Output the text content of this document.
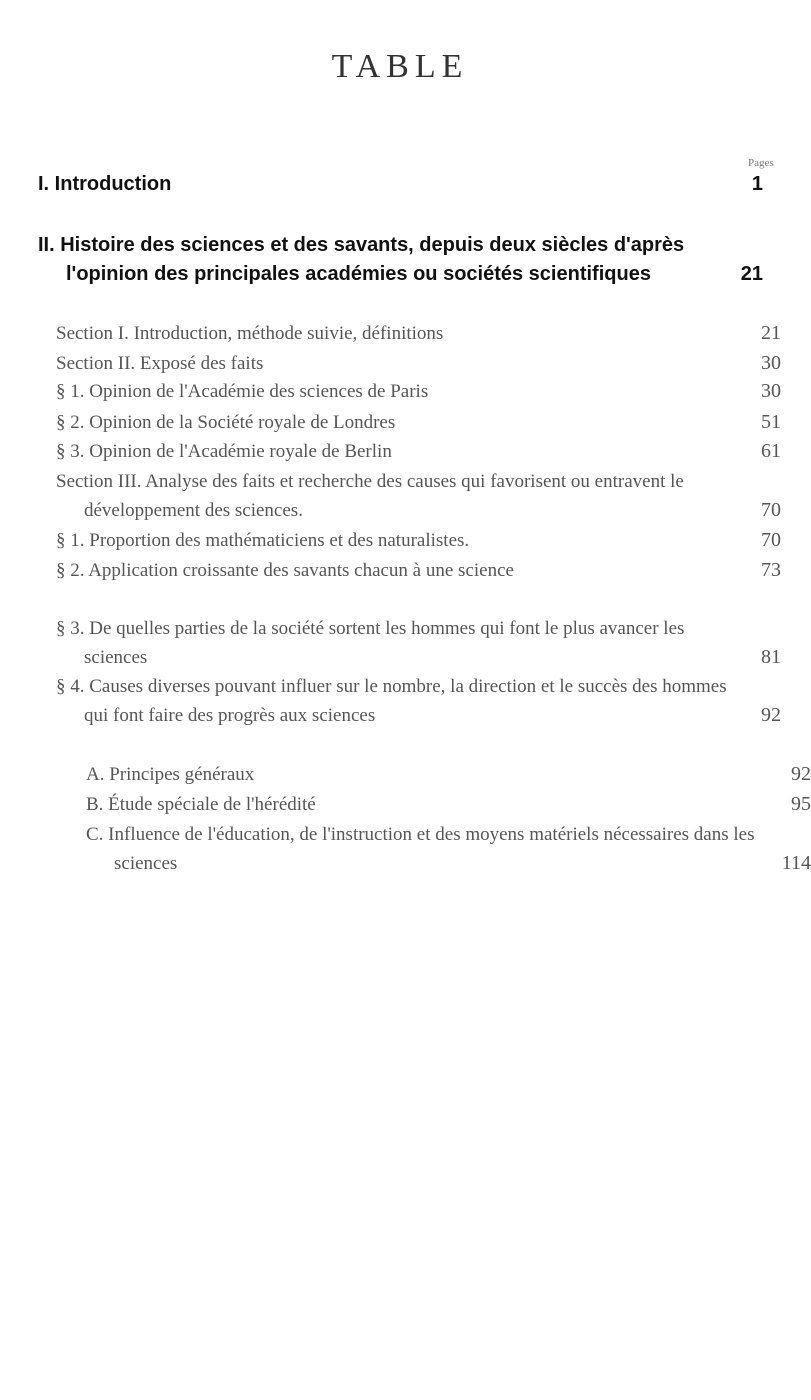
TABLE
Pages
I. Introduction	1
II. Histoire des sciences et des savants, depuis deux siècles d'après l'opinion des principales académies ou sociétés scientifiques	21
Section I. Introduction, méthode suivie, définitions	21
Section II. Exposé des faits	30
§ 1. Opinion de l'Académie des sciences de Paris	30
§ 2. Opinion de la Société royale de Londres	51
§ 3. Opinion de l'Académie royale de Berlin	61
Section III. Analyse des faits et recherche des causes qui favorisent ou entravent le développement des sciences.	70
§ 1. Proportion des mathématiciens et des naturalistes.	70
§ 2. Application croissante des savants chacun à une science	73
§ 3. De quelles parties de la société sortent les hommes qui font le plus avancer les sciences	81
§ 4. Causes diverses pouvant influer sur le nombre, la direction et le succès des hommes qui font faire des progrès aux sciences	92
A. Principes généraux	92
B. Étude spéciale de l'hérédité	95
C. Influence de l'éducation, de l'instruction et des moyens matériels nécessaires dans les sciences	114
